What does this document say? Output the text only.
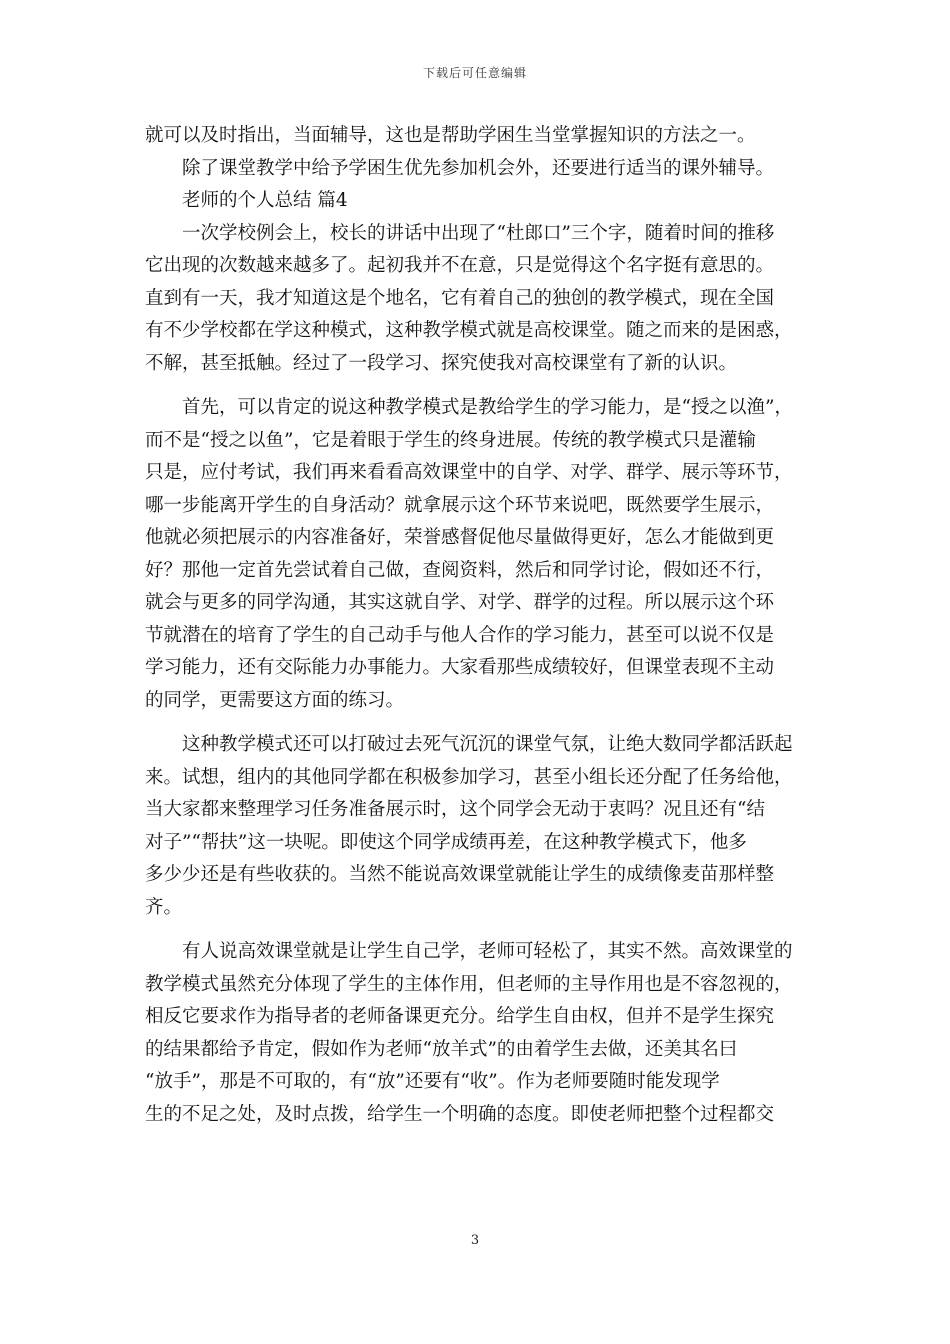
下载后可任意编辑
就可以及时指出，当面辅导，这也是帮助学困生当堂掌握知识的方法之一。
　　除了课堂教学中给予学困生优先参加机会外，还要进行适当的课外辅导。
　　老师的个人总结 篇4
　　一次学校例会上，校长的讲话中出现了“杜郎口”三个字，随着时间的推移
它出现的次数越来越多了。起初我并不在意，只是觉得这个名字挺有意思的。
直到有一天，我才知道这是个地名，它有着自己的独创的教学模式，现在全国
有不少学校都在学这种模式，这种教学模式就是高校课堂。随之而来的是困惑，
不解，甚至抵触。经过了一段学习、探究使我对高校课堂有了新的认识。
　　首先，可以肯定的说这种教学模式是教给学生的学习能力，是“授之以渔”，
而不是“授之以鱼”，它是着眼于学生的终身进展。传统的教学模式只是灌输
只是，应付考试，我们再来看看高效课堂中的自学、对学、群学、展示等环节，
哪一步能离开学生的自身活动？就拿展示这个环节来说吧，既然要学生展示，
他就必须把展示的内容准备好，荣誉感督促他尽量做得更好，怎么才能做到更
好？那他一定首先尝试着自己做，查阅资料，然后和同学讨论，假如还不行，
就会与更多的同学沟通，其实这就自学、对学、群学的过程。所以展示这个环
节就潜在的培育了学生的自己动手与他人合作的学习能力，甚至可以说不仅是
学习能力，还有交际能力办事能力。大家看那些成绩较好，但课堂表现不主动
的同学，更需要这方面的练习。
　　这种教学模式还可以打破过去死气沉沉的课堂气氛，让绝大数同学都活跃起
来。试想，组内的其他同学都在积极参加学习，甚至小组长还分配了任务给他，
当大家都来整理学习任务准备展示时，这个同学会无动于衷吗？况且还有“结
对子”“帮扶”这一块呢。即使这个同学成绩再差，在这种教学模式下，他多
多少少还是有些收获的。当然不能说高效课堂就能让学生的成绩像麦苗那样整
齐。
　　有人说高效课堂就是让学生自己学，老师可轻松了，其实不然。高效课堂的
教学模式虽然充分体现了学生的主体作用，但老师的主导作用也是不容忽视的，
相反它要求作为指导者的老师备课更充分。给学生自由权，但并不是学生探究
的结果都给予肯定，假如作为老师“放羊式”的由着学生去做，还美其名曰
“放手”，那是不可取的，有“放”还要有“收”。作为老师要随时能发现学
生的不足之处，及时点拨，给学生一个明确的态度。即使老师把整个过程都交
3
